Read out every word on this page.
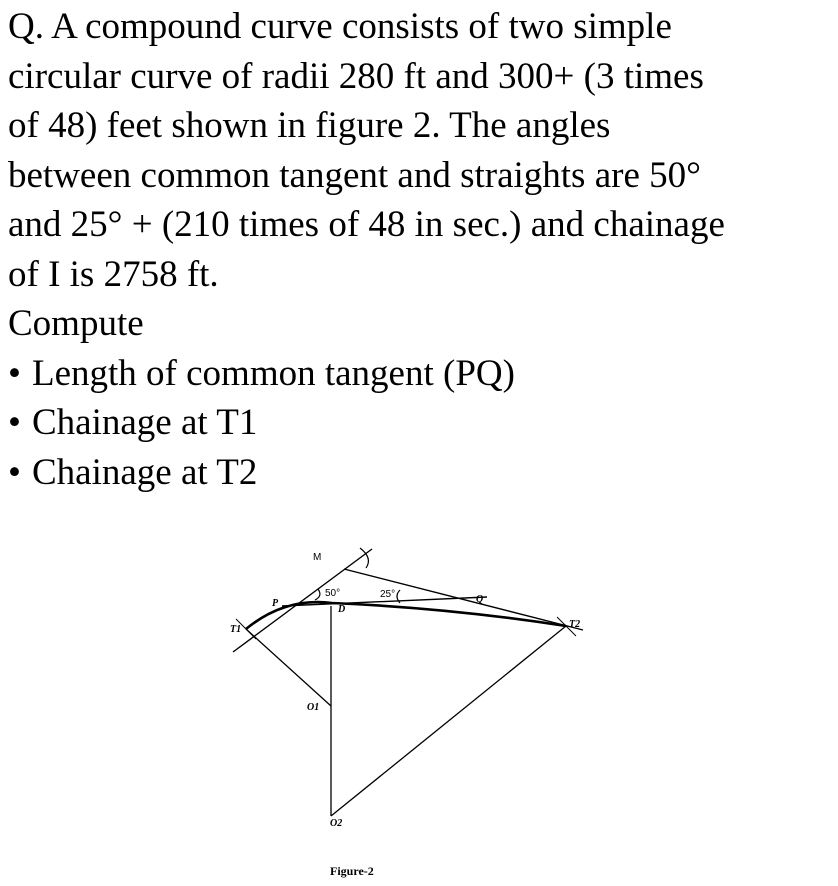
Q. A compound curve consists of two simple
circular curve of radii 280 ft and 300+ (3 times
of 48) feet shown in figure 2. The angles
between common tangent and straights are 50°
and 25° + (210 times of 48 in sec.) and chainage
of I is 2758 ft.
Compute
• Length of common tangent (PQ)
• Chainage at T1
• Chainage at T2
M
50°	25°
P
D
Q
T1	T2
O1
O2
Figure-2
